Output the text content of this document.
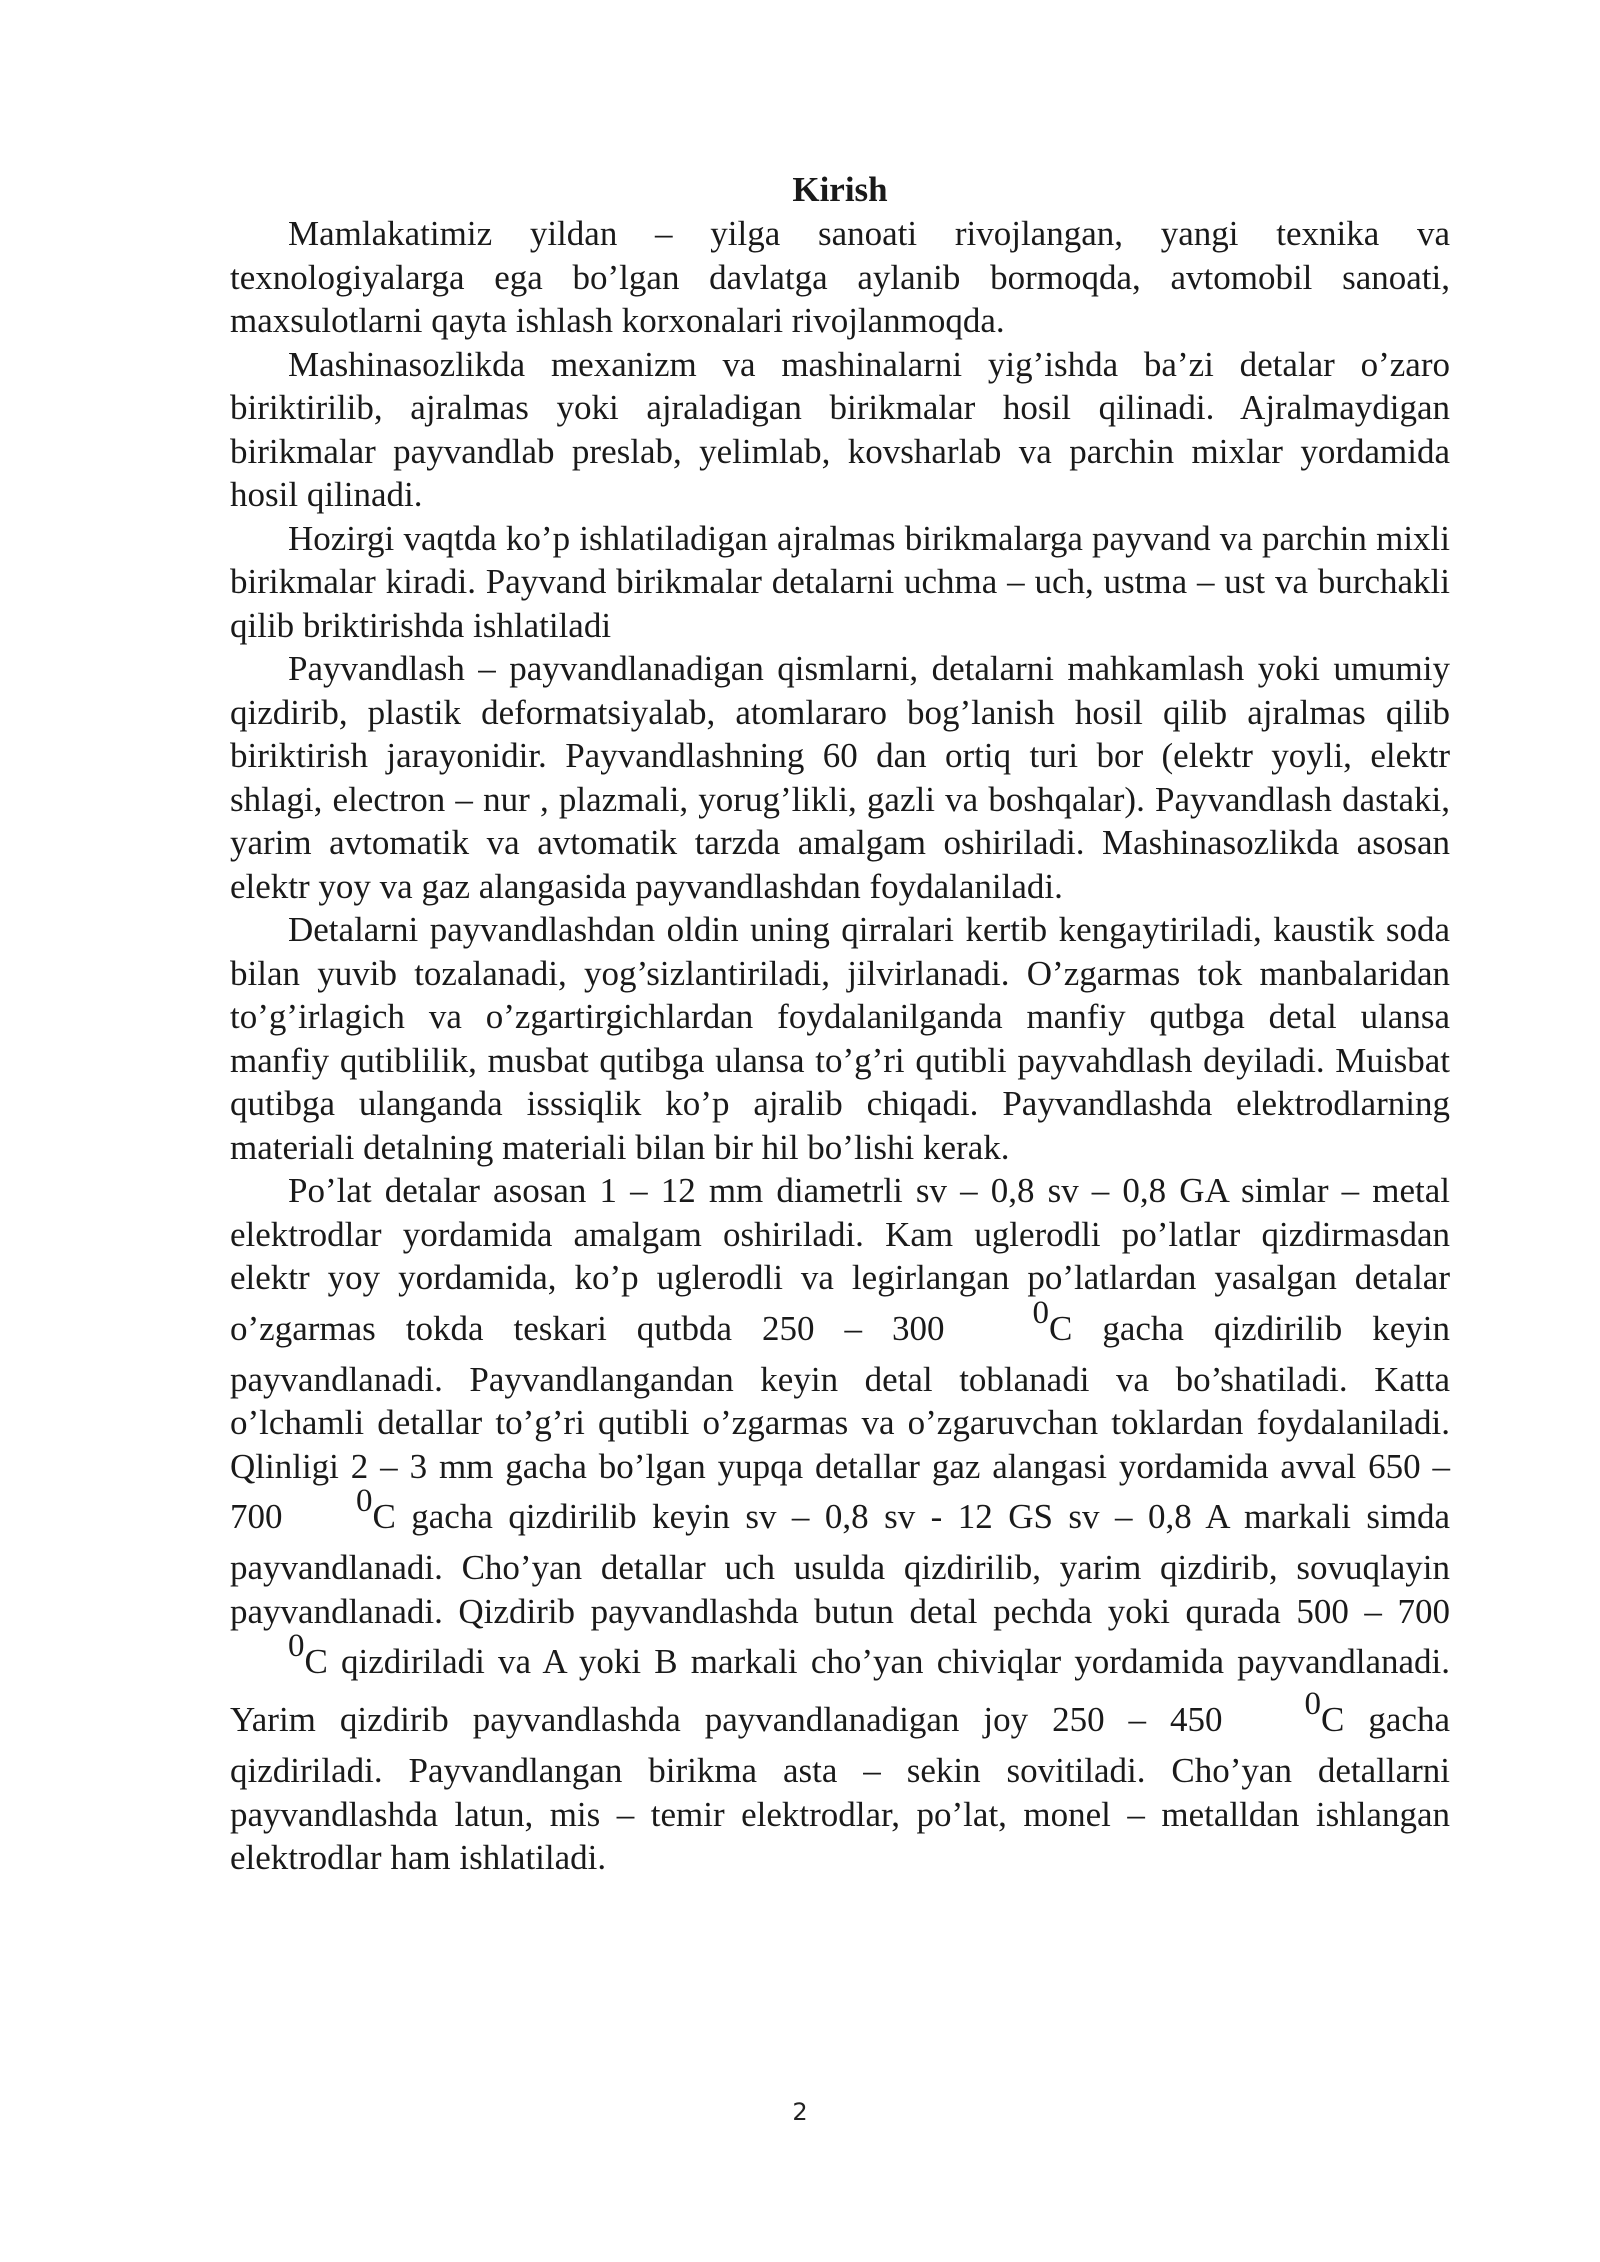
Kirish

Mamlakatimiz yildan – yilga sanoati rivojlangan, yangi texnika va texnologiyalarga ega bo’lgan davlatga aylanib bormoqda, avtomobil sanoati, maxsulotlarni qayta ishlash korxonalari rivojlanmoqda.

Mashinasozlikda mexanizm va mashinalarni yig’ishda ba’zi detalar o’zaro biriktirilib, ajralmas yoki ajraladigan birikmalar hosil qilinadi. Ajralmaydigan birikmalar payvandlab preslab, yelimlab, kovsharlab va parchin mixlar yordamida hosil qilinadi.

Hozirgi vaqtda ko’p ishlatiladigan ajralmas birikmalarga payvand va parchin mixli birikmalar kiradi. Payvand birikmalar detalarni uchma – uch, ustma – ust va burchakli qilib briktirishda ishlatiladi

Payvandlash – payvandlanadigan qismlarni, detalarni mahkamlash yoki umumiy qizdirib, plastik deformatsiyalab, atomlararo bog’lanish hosil qilib ajralmas qilib biriktirish jarayonidir. Payvandlashning 60 dan ortiq turi bor (elektr yoyli, elektr shlagi, electron – nur , plazmali, yorug’likli, gazli va boshqalar). Payvandlash dastaki, yarim avtomatik va avtomatik tarzda amalgam oshiriladi. Mashinasozlikda asosan elektr yoy va gaz alangasida payvandlashdan foydalaniladi.

Detalarni payvandlashdan oldin uning qirralari kertib kengaytiriladi, kaustik soda bilan yuvib tozalanadi, yog’sizlantiriladi, jilvirlanadi. O’zgarmas tok manbalaridan to’g’irlagich va o’zgartirgichlardan foydalanilganda manfiy qutbga detal ulansa manfiy qutiblilik, musbat qutibga ulansa to’g’ri qutibli payvahdlash deyiladi. Muisbat qutibga ulanganda isssiqlik ko’p ajralib chiqadi. Payvandlashda elektrodlarning materiali detalning materiali bilan bir hil bo’lishi kerak.

Po’lat detalar asosan 1 – 12 mm diametrli sv – 0,8 sv – 0,8 GA simlar – metal elektrodlar yordamida amalgam oshiriladi. Kam uglerodli po’latlar qizdirmasdan elektr yoy yordamida, ko’p uglerodli va legirlangan po’latlardan yasalgan detalar o’zgarmas tokda teskari qutbda 250 – 300 $^0$C gacha qizdirilib keyin payvandlanadi. Payvandlangandan keyin detal toblanadi va bo’shatiladi. Katta o’lchamli detallar to’g’ri qutibli o’zgarmas va o’zgaruvchan toklardan foydalaniladi. Qlinligi 2 – 3 mm gacha bo’lgan yupqa detallar gaz alangasi yordamida avval 650 – 700 $^0$C gacha qizdirilib keyin sv – 0,8 sv - 12 GS sv – 0,8 A markali simda payvandlanadi. Cho’yan detallar uch usulda qizdirilib, yarim qizdirib, sovuqlayin payvandlanadi. Qizdirib payvandlashda butun detal pechda yoki qurada 500 – 700 $^0$C qizdiriladi va A yoki B markali cho’yan chiviqlar yordamida payvandlanadi. Yarim qizdirib payvandlashda payvandlanadigan joy 250 – 450 $^0$C gacha qizdiriladi. Payvandlangan birikma asta – sekin sovitiladi. Cho’yan detallarni payvandlashda latun, mis – temir elektrodlar, po’lat, monel – metalldan ishlangan elektrodlar ham ishlatiladi.

2
